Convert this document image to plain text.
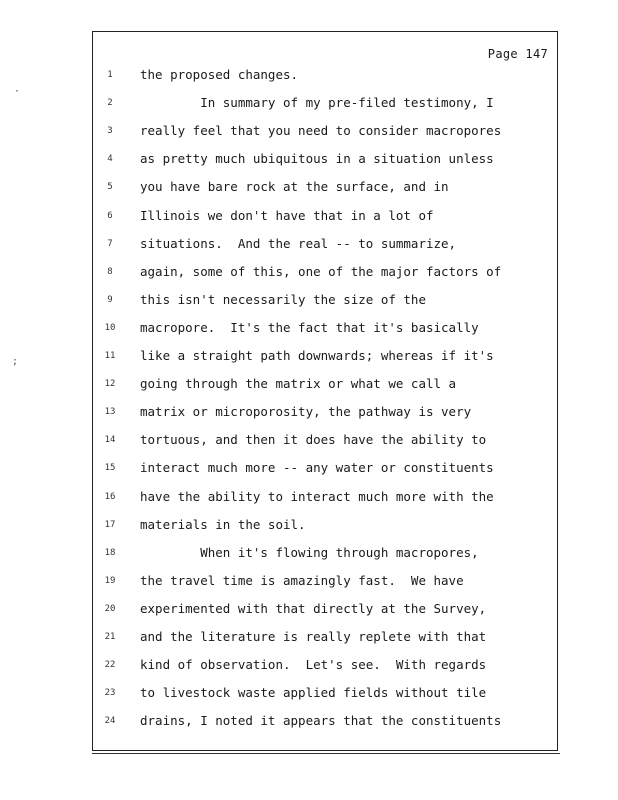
·
;
Page 147
1	the proposed changes.
2	In summary of my pre-filed testimony, I
3	really feel that you need to consider macropores
4	as pretty much ubiquitous in a situation unless
5	you have bare rock at the surface, and in
6	Illinois we don't have that in a lot of
7	situations.  And the real -- to summarize,
8	again, some of this, one of the major factors of
9	this isn't necessarily the size of the
10	macropore.  It's the fact that it's basically
11	like a straight path downwards; whereas if it's
12	going through the matrix or what we call a
13	matrix or microporosity, the pathway is very
14	tortuous, and then it does have the ability to
15	interact much more -- any water or constituents
16	have the ability to interact much more with the
17	materials in the soil.
18	When it's flowing through macropores,
19	the travel time is amazingly fast.  We have
20	experimented with that directly at the Survey,
21	and the literature is really replete with that
22	kind of observation.  Let's see.  With regards
23	to livestock waste applied fields without tile
24	drains, I noted it appears that the constituents
